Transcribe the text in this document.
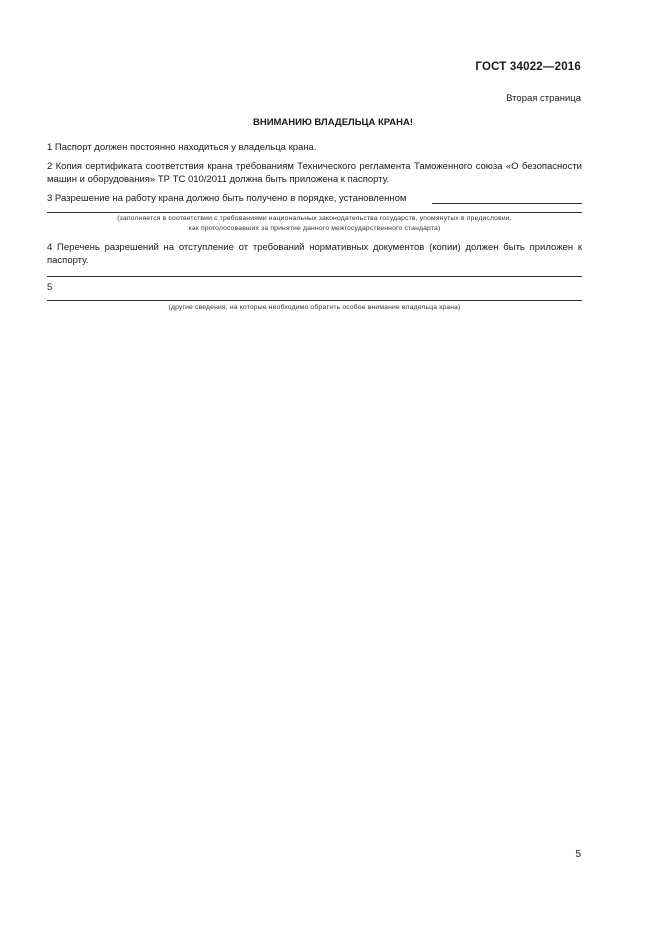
ГОСТ 34022—2016
Вторая страница
ВНИМАНИЮ ВЛАДЕЛЬЦА КРАНА!
1 Паспорт должен постоянно находиться у владельца крана.
2 Копия сертификата соответствия крана требованиям Технического регламента Таможенного союза «О безопасности машин и оборудования» ТР ТС 010/2011 должна быть приложена к паспорту.
3 Разрешение на работу крана должно быть получено в порядке, установленном
(заполняется в соответствии с требованиями национальных законодательства государств, упомянутых в предисловии,
как проголосовавших за принятие данного межгосударственного стандарта)
4 Перечень разрешений на отступление от требований нормативных документов (копии) должен быть приложен к паспорту.
5
(другие сведения, на которые необходимо обратить особое внимание владельца крана)
5
